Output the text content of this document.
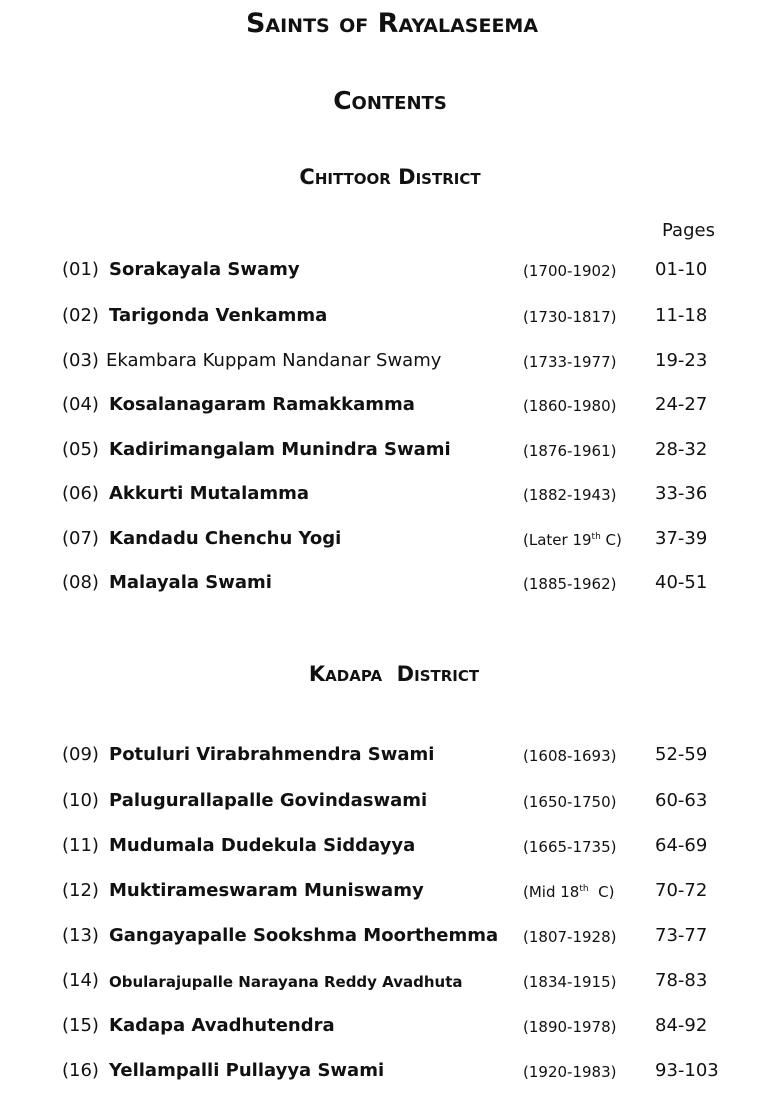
Saints of Rayalaseema
Contents
Chittoor District
Pages
Kadapa  District
(01) Sorakayala Swamy	(1700-1902) 01-10
(02) Tarigonda Venkamma	(1730-1817) 11-18
(03) Ekambara Kuppam Nandanar Swamy	(1733-1977) 19-23
(04) Kosalanagaram Ramakkamma	(1860-1980) 24-27
(05) Kadirimangalam Munindra Swami	(1876-1961) 28-32
(06) Akkurti Mutalamma	(1882-1943) 33-36
(07) Kandadu Chenchu Yogi	(Later 19th C) 37-39
(08) Malayala Swami	(1885-1962) 40-51
(09) Potuluri Virabrahmendra Swami	(1608-1693) 52-59
(10) Palugurallapalle Govindaswami	(1650-1750) 60-63
(11) Mudumala Dudekula Siddayya	(1665-1735) 64-69
(12) Muktirameswaram Muniswamy	(Mid 18th  C) 70-72
(13) Gangayapalle Sookshma Moorthemma (1807-1928) 73-77
(14) Obularajupalle Narayana Reddy Avadhuta	(1834-1915) 78-83
(15) Kadapa Avadhutendra	(1890-1978) 84-92
(16) Yellampalli Pullayya Swami	(1920-1983) 93-103
